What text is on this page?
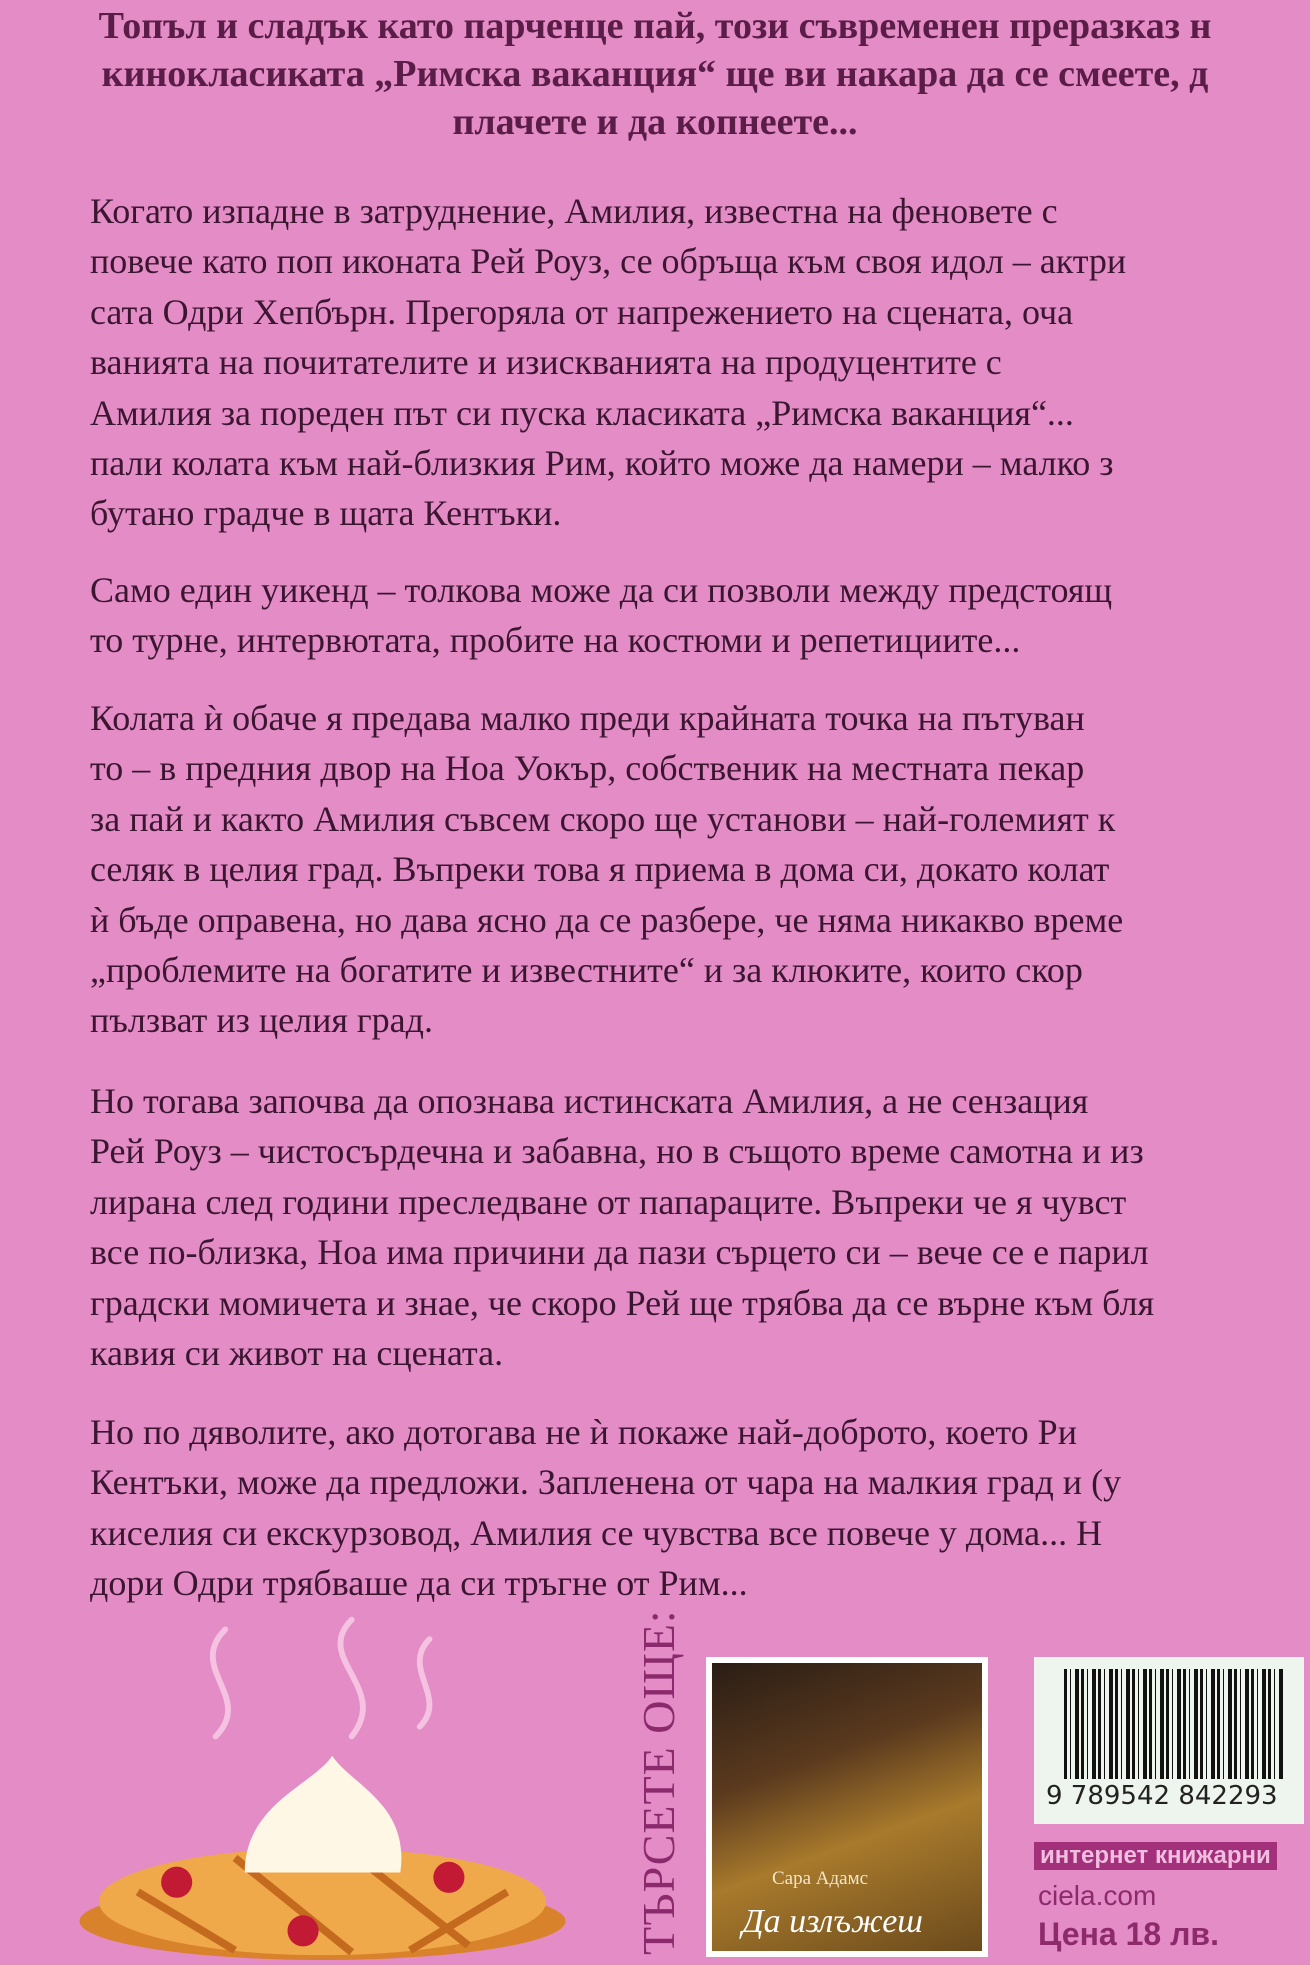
Топъл и сладък като парченце пай, този съвременен преразказ н
кинокласиката „Римска ваканция“ ще ви накара да се смеете, д
плачете и да копнеете...
Когато изпадне в затруднение, Амилия, известна на феновете с
повече като поп иконата Рей Роуз, се обръща към своя идол – актри
сата Одри Хепбърн. Прегоряла от напрежението на сцената, оча
ванията на почитателите и изискванията на продуцентите с
Амилия за пореден път си пуска класиката „Римска ваканция“...
пали колата към най-близкия Рим, който може да намери – малко з
бутано градче в щата Кентъки.
Само един уикенд – толкова може да си позволи между предстоящ
то турне, интервютата, пробите на костюми и репетициите...
Колата ѝ обаче я предава малко преди крайната точка на пътуван
то – в предния двор на Ноа Уокър, собственик на местната пекар
за пай и както Амилия съвсем скоро ще установи – най-големият к
селяк в целия град. Въпреки това я приема в дома си, докато колат
ѝ бъде оправена, но дава ясно да се разбере, че няма никакво време
„проблемите на богатите и известните“ и за клюките, които скор
пълзват из целия град.
Но тогава започва да опознава истинската Амилия, а не сензация
Рей Роуз – чистосърдечна и забавна, но в същото време самотна и из
лирана след години преследване от папараците. Въпреки че я чувст
все по-близка, Ноа има причини да пази сърцето си – вече се е парил
градски момичета и знае, че скоро Рей ще трябва да се върне към бля
кавия си живот на сцената.
Но по дяволите, ако дотогава не ѝ покаже най-доброто, което Ри
Кентъки, може да предложи. Запленена от чара на малкия град и (у
киселия си екскурзовод, Амилия се чувства все повече у дома... Н
дори Одри трябваше да си тръгне от Рим...
ТЪРСЕТЕ ОЩЕ:	Сара Адамс
Да излъжеш
9 789542 842293
интернет книжарни
ciela.com
Цена 18 лв.
